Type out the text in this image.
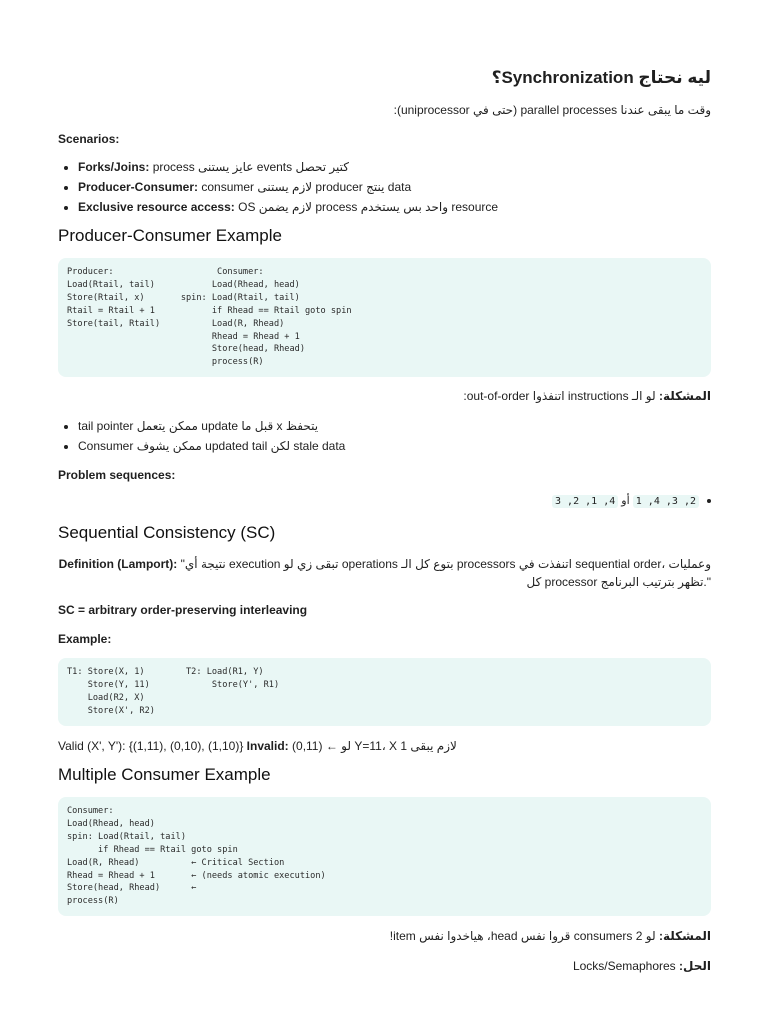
ليه نحتاج Synchronization؟
وقت ما يبقى عندنا parallel processes (حتى في uniprocessor):
Scenarios:
• Forks/Joins: process عايز يستنى events كتير تحصل
• Producer-Consumer: consumer لازم يستنى producer ينتج data
• Exclusive resource access: OS لازم يضمن process واحد بس يستخدم resource
Producer-Consumer Example
Producer:                    Consumer:
Load(Rtail, tail)           Load(Rhead, head)
Store(Rtail, x)       spin: Load(Rtail, tail)
Rtail = Rtail + 1           if Rhead == Rtail goto spin
Store(tail, Rtail)          Load(R, Rhead)
Rhead = Rhead + 1
Store(head, Rhead)
process(R)
المشكلة: لو الـ instructions اتنفذوا out-of-order:
• tail pointer ممكن يتعمل update قبل ما x يتحفظ
• Consumer ممكن يشوف updated tail لكن stale data
Problem sequences:
2, 3, 4, 1 أو 4, 1, 2, 3
Sequential Consistency (SC)
Definition (Lamport): "نتيجة أي execution تبقى زي لو operations بتوع كل الـ processors اتنفذت في sequential order، وعمليات كل processor تظهر بترتيب البرنامج."
SC = arbitrary order-preserving interleaving
Example:
T1: Store(X, 1)        T2: Load(R1, Y)
Store(Y, 11)            Store(Y', R1)
Load(R2, X)
Store(X', R2)
Valid (X', Y'): {(1,11), (0,10), (1,10)} Invalid: (0,11) ← لو Y=11، X لازم يبقى 1
Multiple Consumer Example
Consumer:
Load(Rhead, head)
spin: Load(Rtail, tail)
if Rhead == Rtail goto spin
Load(R, Rhead)          ← Critical Section
Rhead = Rhead + 1       ← (needs atomic execution)
Store(head, Rhead)      ←
process(R)
المشكلة: لو 2 consumers قروا نفس head، هياخدوا نفس item!
الحل: Locks/Semaphores
